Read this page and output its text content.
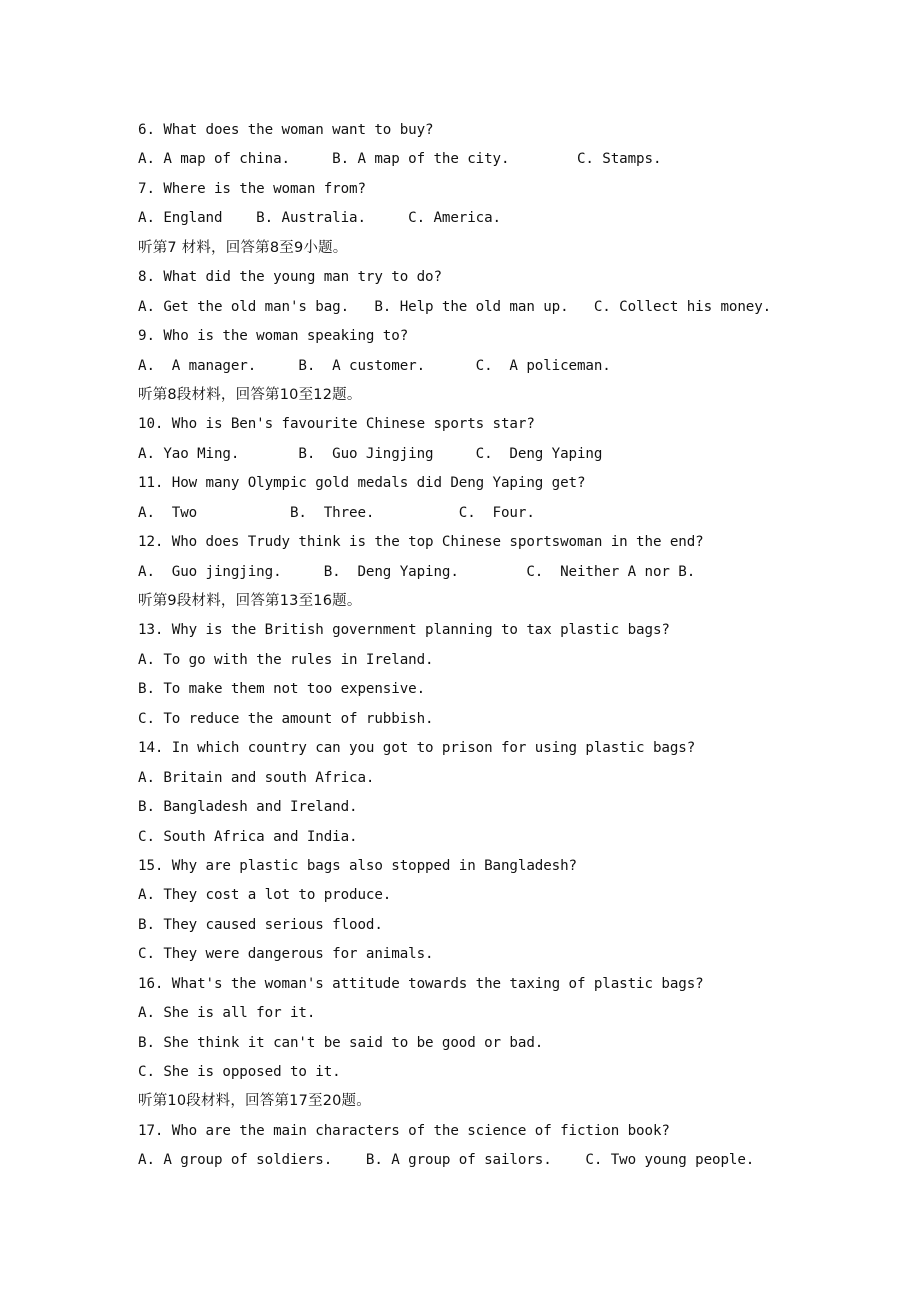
6. What does the woman want to buy?
A. A map of china.     B. A map of the city.        C. Stamps.
7. Where is the woman from?
A. England    B. Australia.     C. America.
听第7 材料，回答第8至9小题。
8. What did the young man try to do?
A. Get the old man's bag.   B. Help the old man up.   C. Collect his money.
9. Who is the woman speaking to?
A.  A manager.     B.  A customer.      C.  A policeman.
听第8段材料，回答第10至12题。
10. Who is Ben's favourite Chinese sports star?
A. Yao Ming.       B.  Guo Jingjing     C.  Deng Yaping
11. How many Olympic gold medals did Deng Yaping get?
A.  Two           B.  Three.          C.  Four.
12. Who does Trudy think is the top Chinese sportswoman in the end?
A.  Guo jingjing.     B.  Deng Yaping.        C.  Neither A nor B.
听第9段材料，回答第13至16题。
13. Why is the British government planning to tax plastic bags?
A. To go with the rules in Ireland.
B. To make them not too expensive.
C. To reduce the amount of rubbish.
14. In which country can you got to prison for using plastic bags?
A. Britain and south Africa.
B. Bangladesh and Ireland.
C. South Africa and India.
15. Why are plastic bags also stopped in Bangladesh?
A. They cost a lot to produce.
B. They caused serious flood.
C. They were dangerous for animals.
16. What's the woman's attitude towards the taxing of plastic bags?
A. She is all for it.
B. She think it can't be said to be good or bad.
C. She is opposed to it.
听第10段材料，回答第17至20题。
17. Who are the main characters of the science of fiction book?
A. A group of soldiers.    B. A group of sailors.    C. Two young people.
